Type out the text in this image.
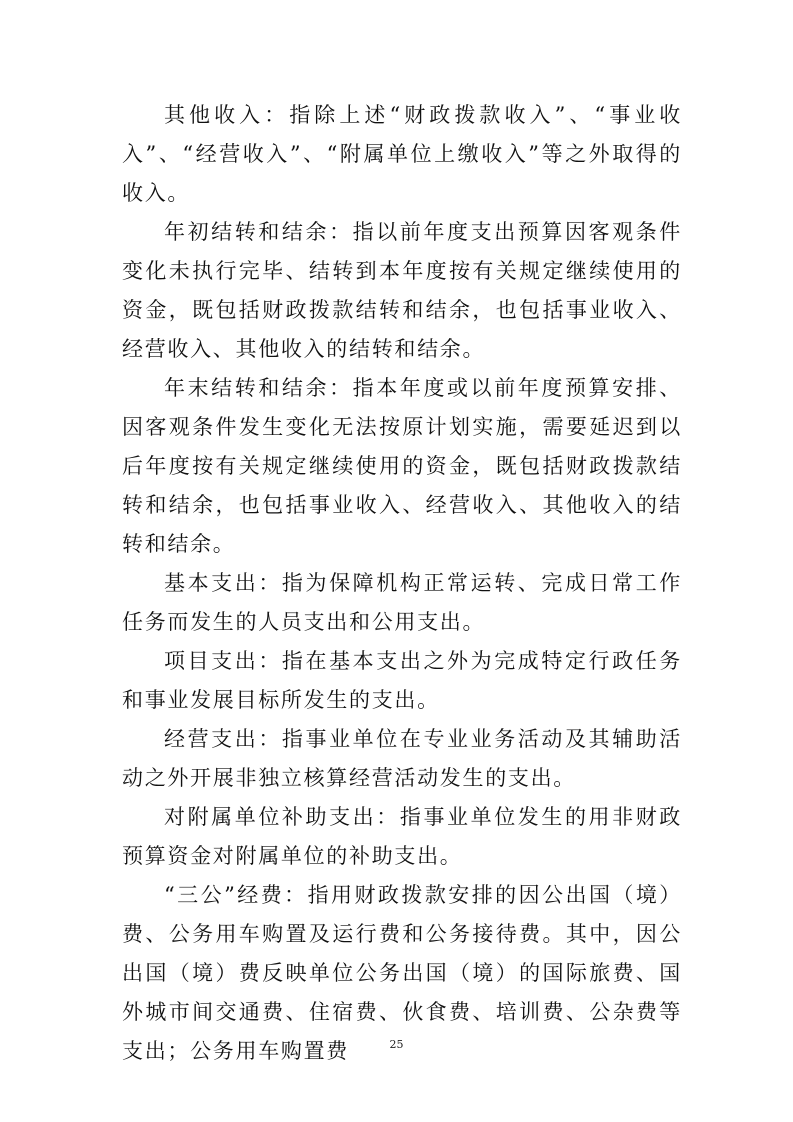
其他收入：指除上述“财政拨款收入”、“事业收入”、“经营收入”、“附属单位上缴收入”等之外取得的收入。

年初结转和结余：指以前年度支出预算因客观条件变化未执行完毕、结转到本年度按有关规定继续使用的资金，既包括财政拨款结转和结余，也包括事业收入、经营收入、其他收入的结转和结余。

年末结转和结余：指本年度或以前年度预算安排、因客观条件发生变化无法按原计划实施，需要延迟到以后年度按有关规定继续使用的资金，既包括财政拨款结转和结余，也包括事业收入、经营收入、其他收入的结转和结余。

基本支出：指为保障机构正常运转、完成日常工作任务而发生的人员支出和公用支出。

项目支出：指在基本支出之外为完成特定行政任务和事业发展目标所发生的支出。

经营支出：指事业单位在专业业务活动及其辅助活动之外开展非独立核算经营活动发生的支出。

对附属单位补助支出：指事业单位发生的用非财政预算资金对附属单位的补助支出。

“三公”经费：指用财政拨款安排的因公出国（境）费、公务用车购置及运行费和公务接待费。其中，因公出国（境）费反映单位公务出国（境）的国际旅费、国外城市间交通费、住宿费、伙食费、培训费、公杂费等支出；公务用车购置费	25
